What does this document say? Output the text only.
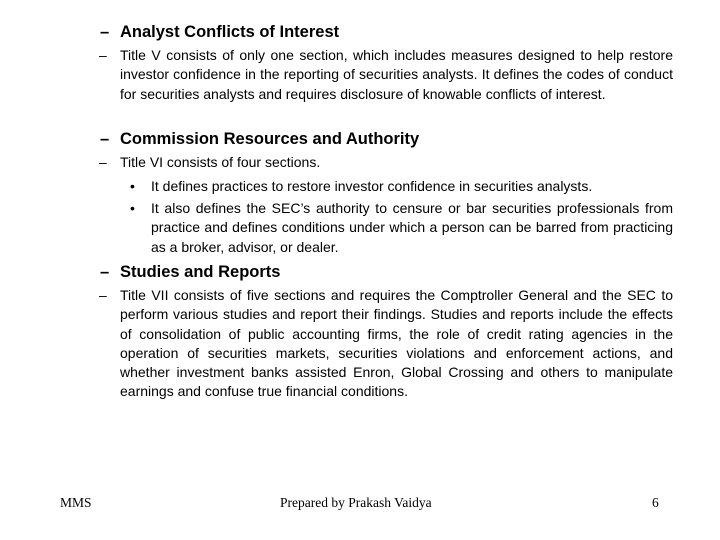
– Analyst Conflicts of Interest
– Title V consists of only one section, which includes measures designed to help restore investor confidence in the reporting of securities analysts. It defines the codes of conduct for securities analysts and requires disclosure of knowable conflicts of interest.
– Commission Resources and Authority
– Title VI consists of four sections.
• It defines practices to restore investor confidence in securities analysts.
• It also defines the SEC’s authority to censure or bar securities professionals from practice and defines conditions under which a person can be barred from practicing as a broker, advisor, or dealer.
– Studies and Reports
– Title VII consists of five sections and requires the Comptroller General and the SEC to perform various studies and report their findings. Studies and reports include the effects of consolidation of public accounting firms, the role of credit rating agencies in the operation of securities markets, securities violations and enforcement actions, and whether investment banks assisted Enron, Global Crossing and others to manipulate earnings and confuse true financial conditions.
MMS	Prepared by Prakash Vaidya	6
